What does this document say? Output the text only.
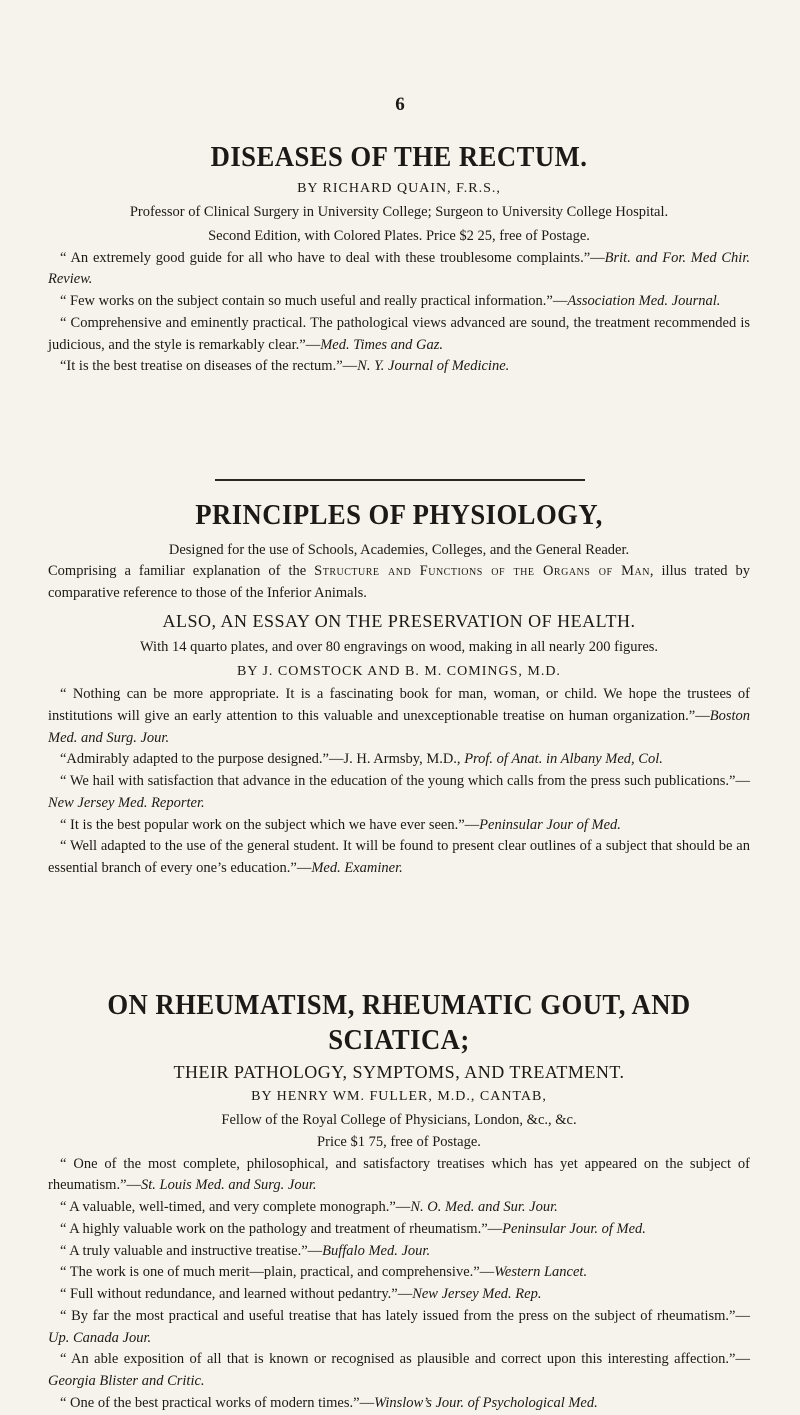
6
DISEASES OF THE RECTUM.
BY RICHARD QUAIN, F.R.S.,

Professor of Clinical Surgery in University College; Surgeon to University College Hospital.

Second Edition, with Colored Plates. Price $2 25, free of Postage.

“ An extremely good guide for all who have to deal with these troublesome complaints.”—Brit. and For. Med Chir. Review.

“ Few works on the subject contain so much useful and really practical information.”—Association Med. Journal.

“ Comprehensive and eminently practical. The pathological views advanced are sound, the treatment recommended is judicious, and the style is remarkably clear.”—Med. Times and Gaz.

“It is the best treatise on diseases of the rectum.”—N. Y. Journal of Medicine.

PRINCIPLES OF PHYSIOLOGY,

Designed for the use of Schools, Academies, Colleges, and the General Reader.

Comprising a familiar explanation of the Structure and Functions of the Organs of Man, illus trated by comparative reference to those of the Inferior Animals.

ALSO, AN ESSAY ON THE PRESERVATION OF HEALTH.

With 14 quarto plates, and over 80 engravings on wood, making in all nearly 200 figures.

BY J. COMSTOCK AND B. M. COMINGS, M.D.

“ Nothing can be more appropriate. It is a fascinating book for man, woman, or child. We hope the trustees of institutions will give an early attention to this valuable and unexceptionable treatise on human organization.”—Boston Med. and Surg. Jour.

“Admirably adapted to the purpose designed.”—J. H. Armsby, M.D., Prof. of Anat. in Albany Med, Col.

“ We hail with satisfaction that advance in the education of the young which calls from the press such publications.”—New Jersey Med. Reporter.

“ It is the best popular work on the subject which we have ever seen.”—Peninsular Jour of Med.

“ Well adapted to the use of the general student. It will be found to present clear outlines of a subject that should be an essential branch of every one’s education.”—Med. Examiner.

ON RHEUMATISM, RHEUMATIC GOUT, AND SCIATICA;
THEIR PATHOLOGY, SYMPTOMS, AND TREATMENT.
BY HENRY WM. FULLER, M.D., CANTAB,

Fellow of the Royal College of Physicians, London, &c., &c.

Price $1 75, free of Postage.

“ One of the most complete, philosophical, and satisfactory treatises which has yet appeared on the subject of rheumatism.”—St. Louis Med. and Surg. Jour.

“ A valuable, well-timed, and very complete monograph.”—N. O. Med. and Sur. Jour.

“ A highly valuable work on the pathology and treatment of rheumatism.”—Peninsular Jour. of Med.

“ A truly valuable and instructive treatise.”—Buffalo Med. Jour.

“ The work is one of much merit—plain, practical, and comprehensive.”—Western Lancet.

“ Full without redundance, and learned without pedantry.”—New Jersey Med. Rep.

“ By far the most practical and useful treatise that has lately issued from the press on the subject of rheumatism.”—Up. Canada Jour.

“ An able exposition of all that is known or recognised as plausible and correct upon this interesting affection.”—Georgia Blister and Critic.

“ One of the best practical works of modern times.”—Winslow’s Jour. of Psychological Med.
